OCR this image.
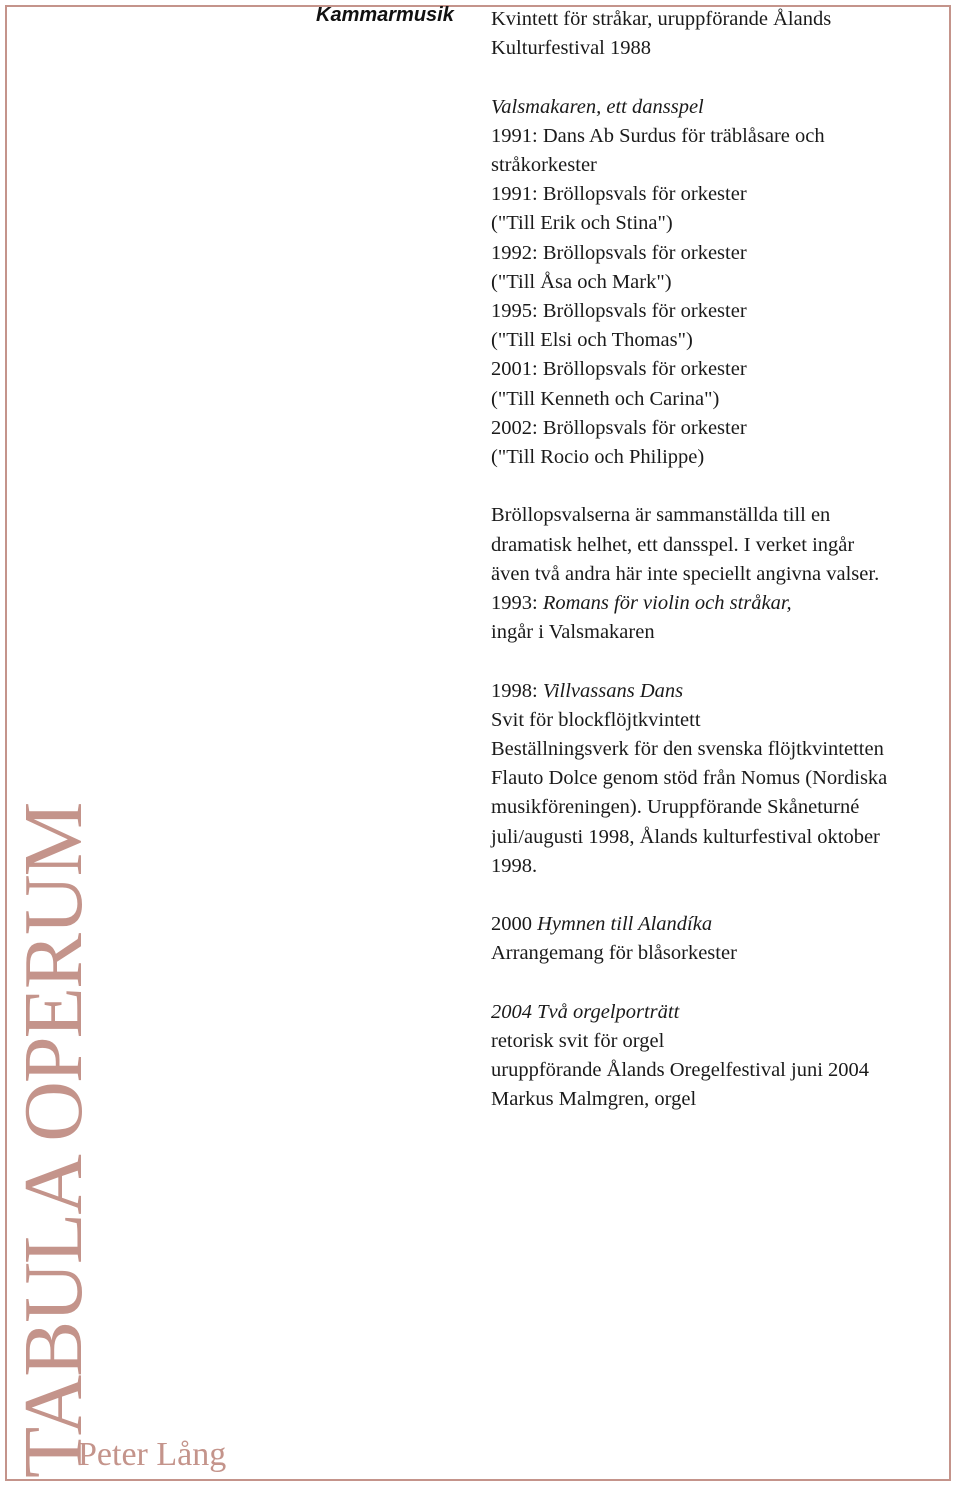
Kammarmusik Kvintett för stråkar, uruppförande Ålands
Kulturfestival 1988
Valsmakaren, ett dansspel
1991: Dans Ab Surdus för träblåsare och
stråkorkester
1991: Bröllopsvals för orkester
("Till Erik och Stina")
1992: Bröllopsvals för orkester
("Till Åsa och Mark")
1995: Bröllopsvals för orkester
("Till Elsi och Thomas")
2001: Bröllopsvals för orkester
("Till Kenneth och Carina")
2002: Bröllopsvals för orkester
("Till Rocio och Philippe)
Bröllopsvalserna är sammanställda till en
dramatisk helhet, ett dansspel. I verket ingår
även två andra här inte speciellt angivna valser.
1993: Romans för violin och stråkar,
ingår i Valsmakaren
1998: Villvassans Dans
Svit för blockflöjtkvintett
Beställningsverk för den svenska flöjtkvintetten
Flauto Dolce genom stöd från Nomus (Nordiska
musikföreningen). Uruppförande Skåneturné
juli/augusti 1998, Ålands kulturfestival oktober
1998.
2000 Hymnen till Alandíka
Arrangemang för blåsorkester
2004 Två orgelporträtt
retorisk svit för orgel
uruppförande Ålands Oregelfestival juni 2004
Markus Malmgren, orgel
TABULA OPERUM
Peter Lång
